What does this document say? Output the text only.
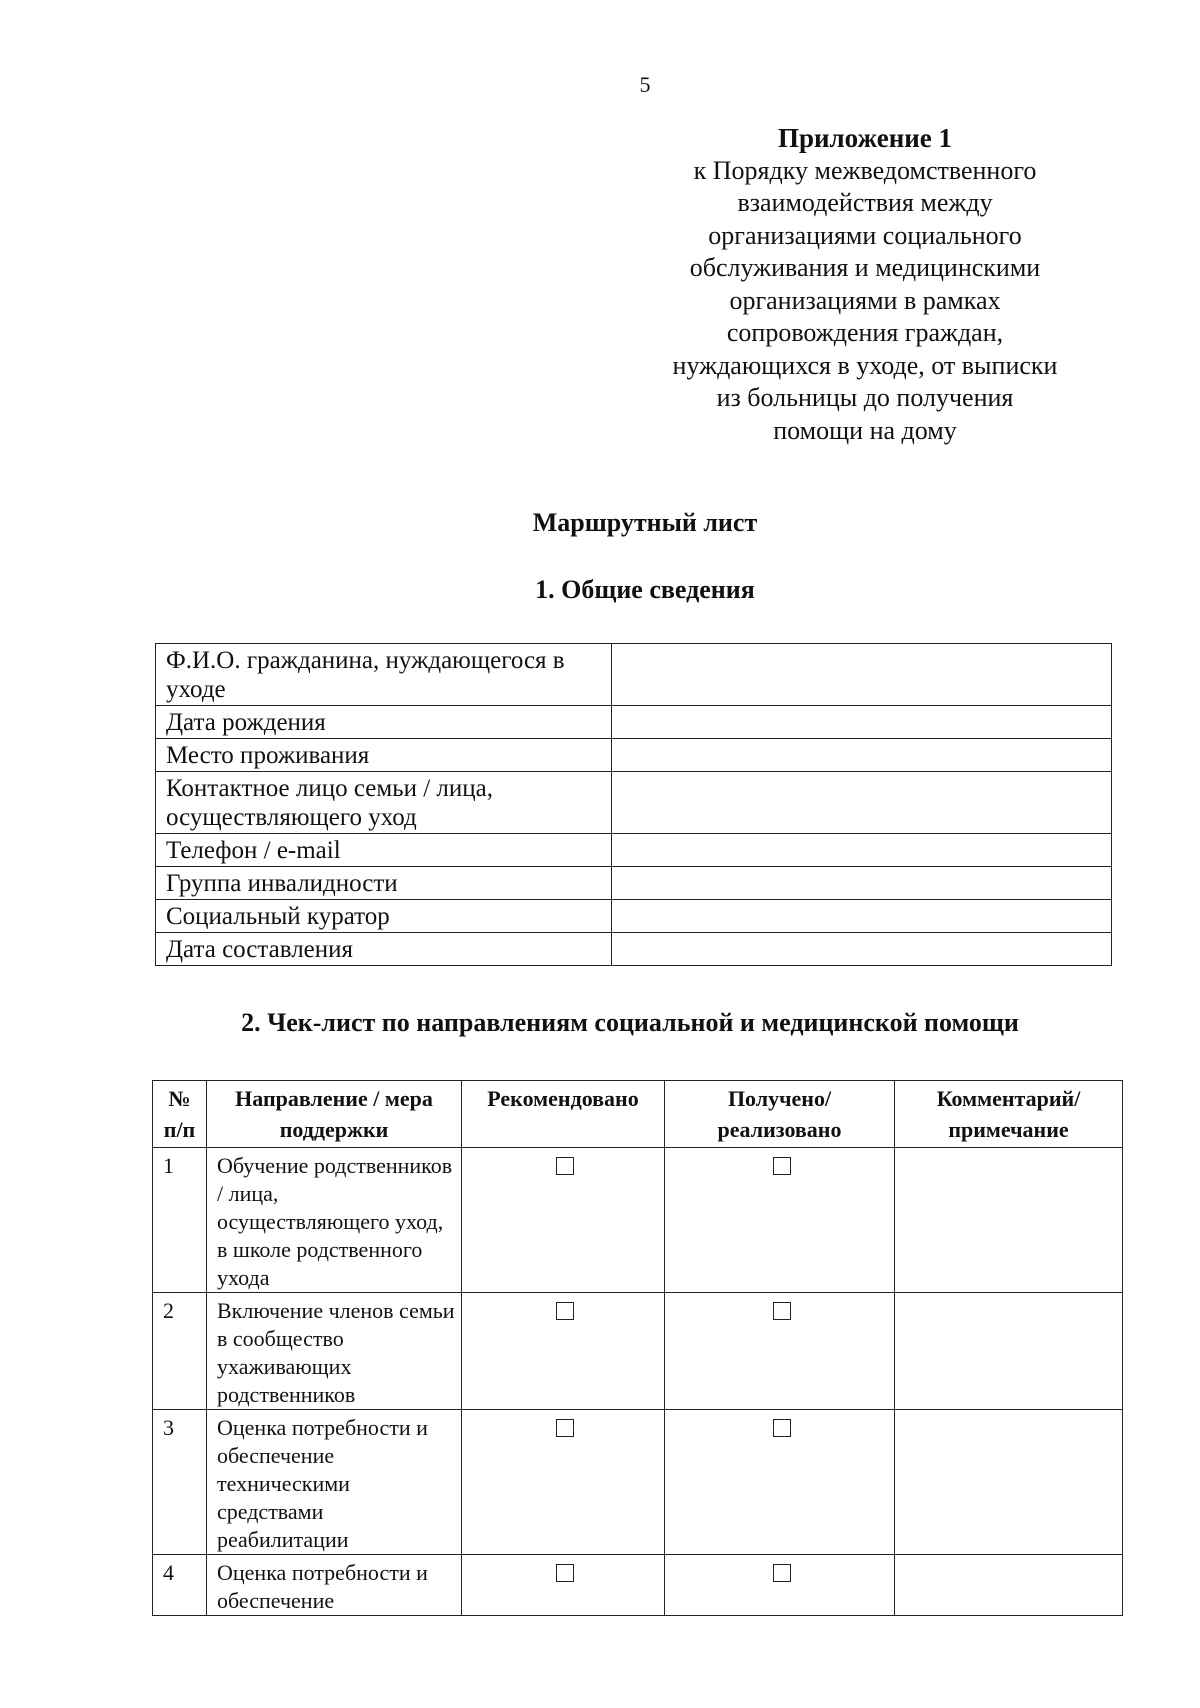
5
Приложение 1
к Порядку межведомственного
взаимодействия между
организациями социального
обслуживания и медицинскими
организациями в рамках
сопровождения граждан,
нуждающихся в уходе, от выписки
из больницы до получения
помощи на дому
Маршрутный лист
1. Общие сведения
Ф.И.О. гражданина, нуждающегося в уходе	
Дата рождения	
Место проживания	
Контактное лицо семьи / лица, осуществляющего уход	
Телефон / e-mail	
Группа инвалидности	
Социальный куратор	
Дата составления	
2. Чек-лист по направлениям социальной и медицинской помощи
№ п/п	Направление / мера поддержки	Рекомендовано	Получено/ реализовано	Комментарий/ примечание
1	Обучение родственников / лица, осуществляющего уход, в школе родственного ухода			
2	Включение членов семьи в сообщество ухаживающих родственников			
3	Оценка потребности и обеспечение техническими средствами реабилитации			
4	Оценка потребности и обеспечение			
